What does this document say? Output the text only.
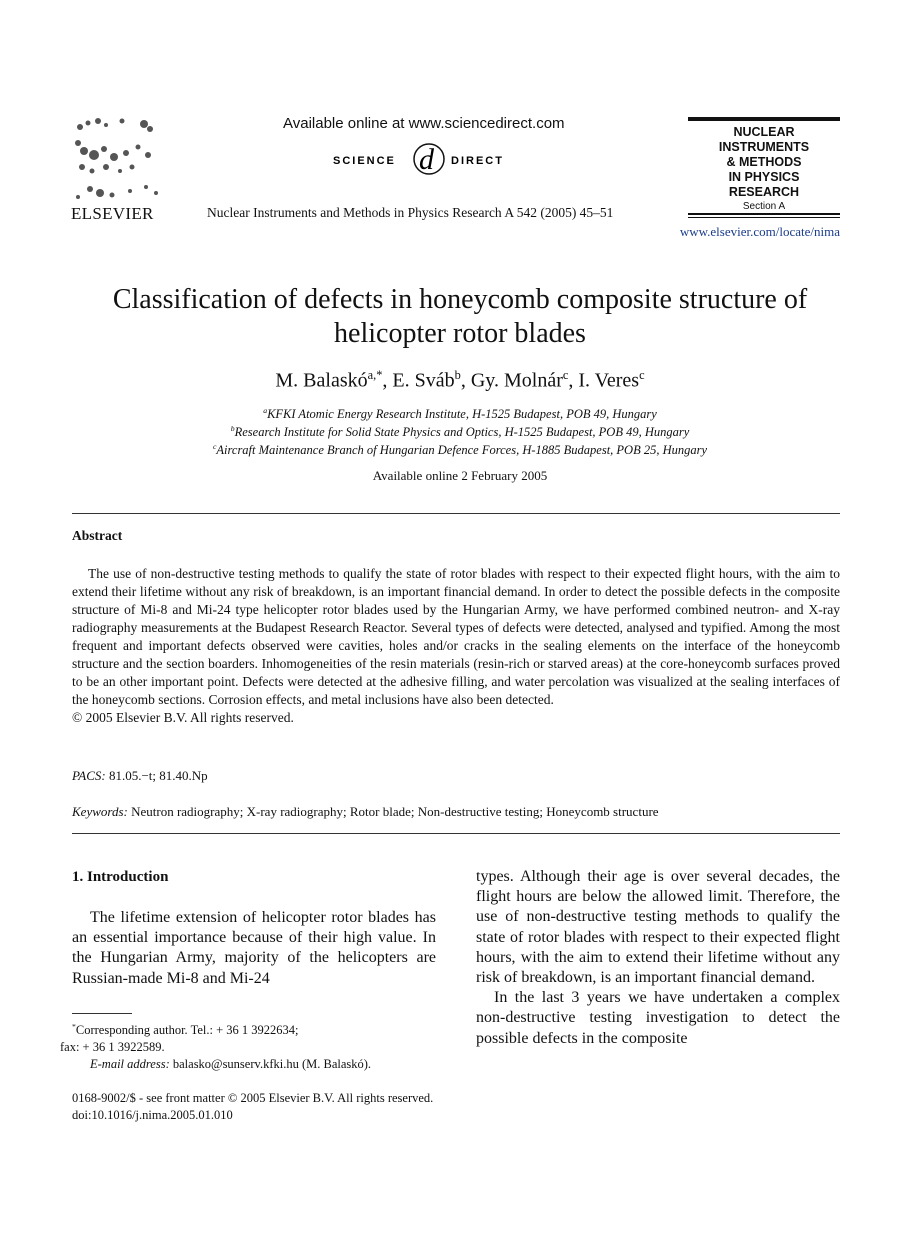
ELSEVIER
Available online at www.sciencedirect.com
SCIENCE d DIRECT
Nuclear Instruments and Methods in Physics Research A 542 (2005) 45–51
NUCLEAR
INSTRUMENTS
& METHODS
IN PHYSICS
RESEARCH
Section A
www.elsevier.com/locate/nima
Classification of defects in honeycomb composite structure of
helicopter rotor blades
M. Balaskó$^{a,*}$, E. Sváb$^b$, Gy. Molnár$^c$, I. Veres$^c$
$^a$KFKI Atomic Energy Research Institute, H-1525 Budapest, POB 49, Hungary
$^b$Research Institute for Solid State Physics and Optics, H-1525 Budapest, POB 49, Hungary
$^c$Aircraft Maintenance Branch of Hungarian Defence Forces, H-1885 Budapest, POB 25, Hungary
Available online 2 February 2005
Abstract
The use of non-destructive testing methods to qualify the state of rotor blades with respect to their expected flight hours, with the aim to extend their lifetime without any risk of breakdown, is an important financial demand. In order to detect the possible defects in the composite structure of Mi-8 and Mi-24 type helicopter rotor blades used by the Hungarian Army, we have performed combined neutron- and X-ray radiography measurements at the Budapest Research Reactor. Several types of defects were detected, analysed and typified. Among the most frequent and important defects observed were cavities, holes and/or cracks in the sealing elements on the interface of the honeycomb structure and the section boarders. Inhomogeneities of the resin materials (resin-rich or starved areas) at the core-honeycomb surfaces proved to be an other important point. Defects were detected at the adhesive filling, and water percolation was visualized at the sealing interfaces of the honeycomb sections. Corrosion effects, and metal inclusions have also been detected.
© 2005 Elsevier B.V. All rights reserved.
PACS: 81.05.−t; 81.40.Np
Keywords: Neutron radiography; X-ray radiography; Rotor blade; Non-destructive testing; Honeycomb structure
1. Introduction
The lifetime extension of helicopter rotor blades has an essential importance because of their high value. In the Hungarian Army, majority of the helicopters are Russian-made Mi-8 and Mi-24

types. Although their age is over several decades, the flight hours are below the allowed limit. Therefore, the use of non-destructive testing methods to qualify the state of rotor blades with respect to their expected flight hours, with the aim to extend their lifetime without any risk of breakdown, is an important financial demand.

In the last 3 years we have undertaken a complex non-destructive testing investigation to detect the possible defects in the composite

*Corresponding author. Tel.: + 36 1 3922634;
fax: + 36 1 3922589.
E-mail address: balasko@sunserv.kfki.hu (M. Balaskó).
0168-9002/$ - see front matter © 2005 Elsevier B.V. All rights reserved.
doi:10.1016/j.nima.2005.01.010
